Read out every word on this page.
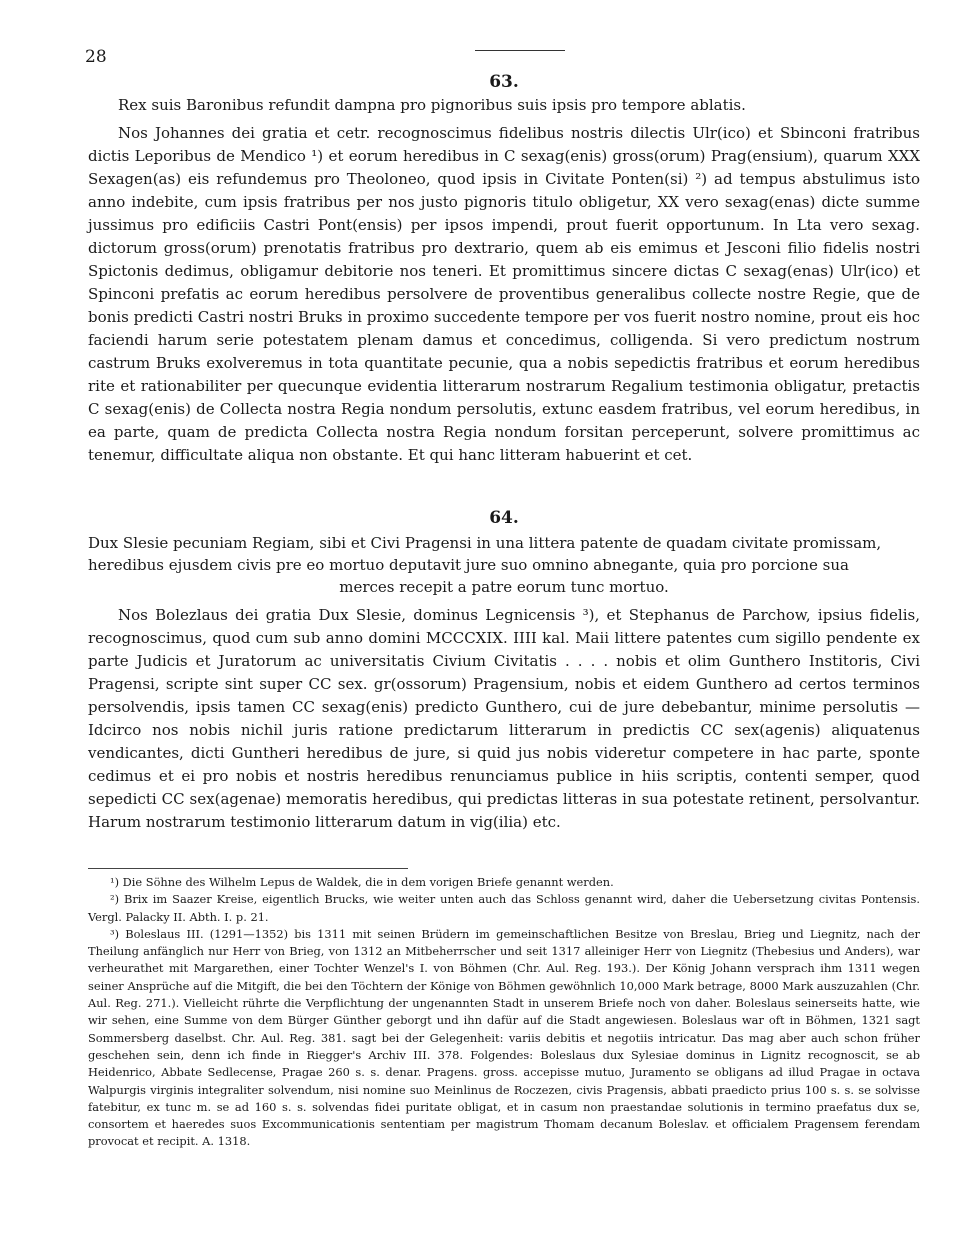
28

63.

Rex suis Baronibus refundit dampna pro pignoribus suis ipsis pro tempore ablatis.

Nos Johannes dei gratia et cetr. recognoscimus fidelibus nostris dilectis Ulr(ico) et Sbinconi fratribus dictis Leporibus de Mendico ¹) et eorum heredibus in C sexag(enis) gross(orum) Prag(ensium), quarum XXX Sexagen(as) eis refundemus pro Theoloneo, quod ipsis in Civitate Ponten(si) ²) ad tempus abstulimus isto anno indebite, cum ipsis fratribus per nos justo pignoris titulo obligetur, XX vero sexag(enas) dicte summe jussimus pro edificiis Castri Pont(ensis) per ipsos impendi, prout fuerit opportunum. In Lta vero sexag. dictorum gross(orum) prenotatis fratribus pro dextrario, quem ab eis emimus et Jesconi filio fidelis nostri Spictonis dedimus, obligamur debitorie nos teneri. Et promittimus sincere dictas C sexag(enas) Ulr(ico) et Spinconi prefatis ac eorum heredibus persolvere de proventibus generalibus collecte nostre Regie, que de bonis predicti Castri nostri Bruks in proximo succedente tempore per vos fuerit nostro nomine, prout eis hoc faciendi harum serie potestatem plenam damus et concedimus, colligenda. Si vero predictum nostrum castrum Bruks exolveremus in tota quantitate pecunie, qua a nobis sepedictis fratribus et eorum heredibus rite et rationabiliter per quecunque evidentia litterarum nostrarum Regalium testimonia obligatur, pretactis C sexag(enis) de Collecta nostra Regia nondum persolutis, extunc easdem fratribus, vel eorum heredibus, in ea parte, quam de predicta Collecta nostra Regia nondum forsitan perceperunt, solvere promittimus ac tenemur, difficultate aliqua non obstante. Et qui hanc litteram habuerint et cet.

64.

Dux Slesie pecuniam Regiam, sibi et Civi Pragensi in una littera patente de quadam civitate promissam,

heredibus ejusdem civis pre eo mortuo deputavit jure suo omnino abnegante, quia pro porcione sua

merces recepit a patre eorum tunc mortuo.

Nos Bolezlaus dei gratia Dux Slesie, dominus Legnicensis ³), et Stephanus de Parchow, ipsius fidelis, recognoscimus, quod cum sub anno domini MCCCXIX. IIII kal. Maii littere patentes cum sigillo pendente ex parte Judicis et Juratorum ac universitatis Civium Civitatis . . . . nobis et olim Gunthero Institoris, Civi Pragensi, scripte sint super CC sex. gr(ossorum) Pragensium, nobis et eidem Gunthero ad certos terminos persolvendis, ipsis tamen CC sexag(enis) predicto Gunthero, cui de jure debebantur, minime persolutis — Idcirco nos nobis nichil juris ratione predictarum litterarum in predictis CC sex(agenis) aliquatenus vendicantes, dicti Guntheri heredibus de jure, si quid jus nobis videretur competere in hac parte, sponte cedimus et ei pro nobis et nostris heredibus renunciamus publice in hiis scriptis, contenti semper, quod sepedicti CC sex(agenae) memoratis heredibus, qui predictas litteras in sua potestate retinent, persolvantur. Harum nostrarum testimonio litterarum datum in vig(ilia) etc.

¹) Die Söhne des Wilhelm Lepus de Waldek, die in dem vorigen Briefe genannt werden.

²) Brix im Saazer Kreise, eigentlich Brucks, wie weiter unten auch das Schloss genannt wird, daher die Uebersetzung civitas Pontensis. Vergl. Palacky II. Abth. I. p. 21.

³) Boleslaus III. (1291—1352) bis 1311 mit seinen Brüdern im gemeinschaftlichen Besitze von Breslau, Brieg und Liegnitz, nach der Theilung anfänglich nur Herr von Brieg, von 1312 an Mitbeherrscher und seit 1317 alleiniger Herr von Liegnitz (Thebesius und Anders), war verheurathet mit Margarethen, einer Tochter Wenzel's I. von Böhmen (Chr. Aul. Reg. 193.). Der König Johann versprach ihm 1311 wegen seiner Ansprüche auf die Mitgift, die bei den Töchtern der Könige von Böhmen gewöhnlich 10,000 Mark betrage, 8000 Mark auszuzahlen (Chr. Aul. Reg. 271.). Vielleicht rührte die Verpflichtung der ungenannten Stadt in unserem Briefe noch von daher. Boleslaus seinerseits hatte, wie wir sehen, eine Summe von dem Bürger Günther geborgt und ihn dafür auf die Stadt angewiesen. Boleslaus war oft in Böhmen, 1321 sagt Sommersberg daselbst. Chr. Aul. Reg. 381. sagt bei der Gelegenheit: variis debitis et negotiis intricatur. Das mag aber auch schon früher geschehen sein, denn ich finde in Riegger's Archiv III. 378. Folgendes: Boleslaus dux Sylesiae dominus in Lignitz recognoscit, se ab Heidenrico, Abbate Sedlecense, Pragae 260 s. s. denar. Pragens. gross. accepisse mutuo, Juramento se obligans ad illud Pragae in octava Walpurgis virginis integraliter solvendum, nisi nomine suo Meinlinus de Roczezen, civis Pragensis, abbati praedicto prius 100 s. s. se solvisse fatebitur, ex tunc m. se ad 160 s. s. solvendas fidei puritate obligat, et in casum non praestandae solutionis in termino praefatus dux se, consortem et haeredes suos Excommunicationis sententiam per magistrum Thomam decanum Boleslav. et officialem Pragensem ferendam provocat et recipit. A. 1318.
